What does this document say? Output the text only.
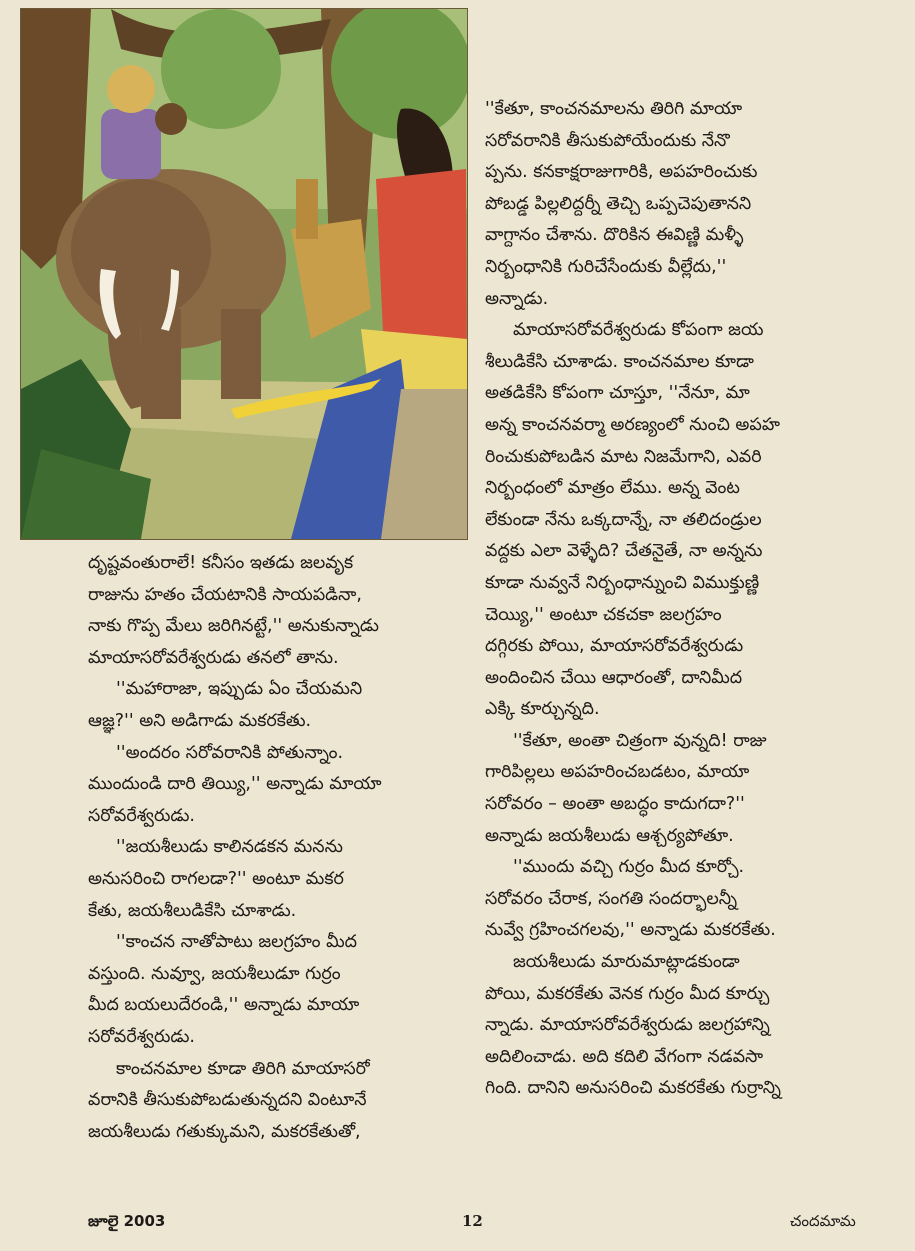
దృష్టవంతురాలే! కనీసం ఇతడు జలవృక
రాజును హతం చేయటానికి సాయపడినా,
నాకు గొప్ప మేలు జరిగినట్టే,'' అనుకున్నాడు
మాయాసరోవరేశ్వరుడు తనలో తాను.
''మహారాజా, ఇప్పుడు ఏం చేయమని
ఆజ్ఞ?'' అని అడిగాడు మకరకేతు.
''అందరం సరోవరానికి పోతున్నాం.
ముందుండి దారి తియ్యి,'' అన్నాడు మాయా
సరోవరేశ్వరుడు.
''జయశీలుడు కాలినడకన మనను
అనుసరించి రాగలడా?'' అంటూ మకర
కేతు, జయశీలుడికేసి చూశాడు.
''కాంచన నాతోపాటు జలగ్రహం మీద
వస్తుంది. నువ్వూ, జయశీలుడూ గుర్రం
మీద బయలుదేరండి,'' అన్నాడు మాయా
సరోవరేశ్వరుడు.
కాంచనమాల కూడా తిరిగి మాయాసరో
వరానికి తీసుకుపోబడుతున్నదని వింటూనే
జయశీలుడు గతుక్కుమని, మకరకేతుతో,
''కేతూ, కాంచనమాలను తిరిగి మాయా
సరోవరానికి తీసుకుపోయేందుకు నేనొ
ప్పను. కనకాక్షరాజుగారికి, అపహరించుకు
పోబడ్డ పిల్లలిద్దర్నీ తెచ్చి ఒప్పచెపుతానని
వాగ్దానం చేశాను. దొరికిన ఈవిణ్ణి మళ్ళీ
నిర్బంధానికి గురిచేసేందుకు వీల్లేదు,''
అన్నాడు.
మాయాసరోవరేశ్వరుడు కోపంగా జయ
శీలుడికేసి చూశాడు. కాంచనమాల కూడా
అతడికేసి కోపంగా చూస్తూ, ''నేనూ, మా
అన్న కాంచనవర్మా అరణ్యంలో నుంచి అపహ
రించుకుపోబడిన మాట నిజమేగాని, ఎవరి
నిర్బంధంలో మాత్రం లేము. అన్న వెంట
లేకుండా నేను ఒక్కదాన్నే, నా తలిదండ్రుల
వద్దకు ఎలా వెళ్ళేది? చేతనైతే, నా అన్నను
కూడా నువ్వనే నిర్బంధాన్నుంచి విముక్తుణ్ణి
చెయ్యి,'' అంటూ చకచకా జలగ్రహం
దగ్గిరకు పోయి, మాయాసరోవరేశ్వరుడు
అందించిన చేయి ఆధారంతో, దానిమీద
ఎక్కి కూర్చున్నది.
''కేతూ, అంతా చిత్రంగా వున్నది! రాజు
గారిపిల్లలు అపహరించబడటం, మాయా
సరోవరం – అంతా అబద్ధం కాదుగదా?''
అన్నాడు జయశీలుడు ఆశ్చర్యపోతూ.
''ముందు వచ్చి గుర్రం మీద కూర్చో.
సరోవరం చేరాక, సంగతి సందర్భాలన్నీ
నువ్వే గ్రహించగలవు,'' అన్నాడు మకరకేతు.
జయశీలుడు మారుమాట్లాడకుండా
పోయి, మకరకేతు వెనక గుర్రం మీద కూర్చు
న్నాడు. మాయాసరోవరేశ్వరుడు జలగ్రహాన్ని
అదిలించాడు. అది కదిలి వేగంగా నడవసా
గింది. దానిని అనుసరించి మకరకేతు గుర్రాన్ని
జూలై 2003	12	చందమామ
